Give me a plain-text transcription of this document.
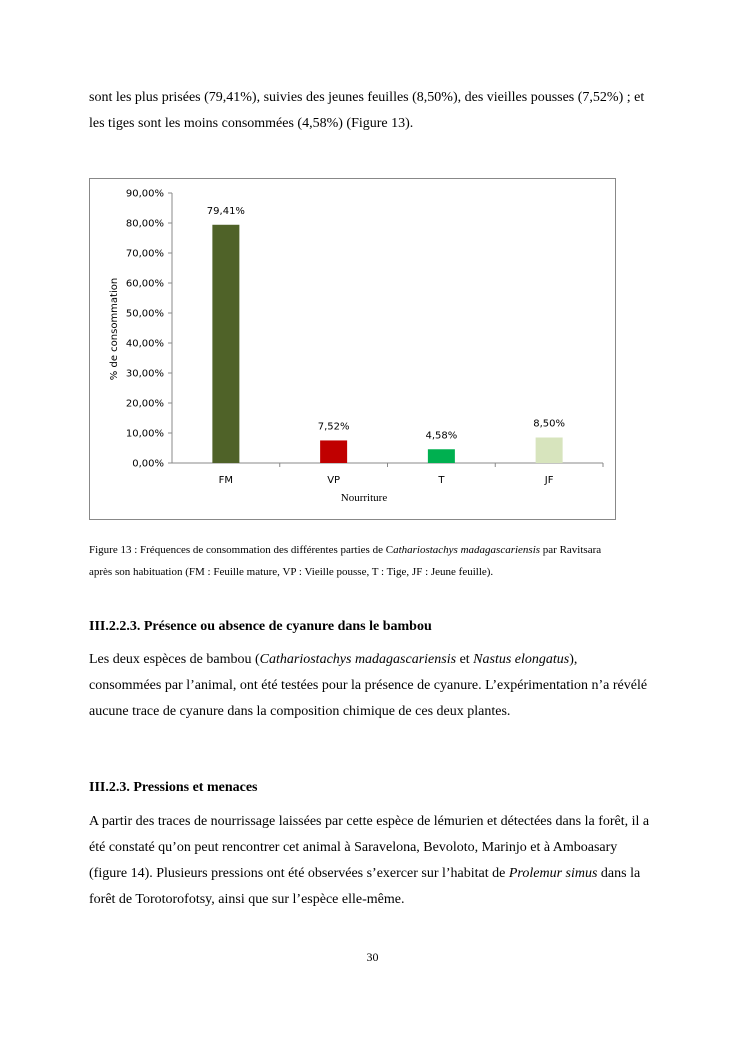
sont les plus prisées (79,41%), suivies des jeunes feuilles (8,50%), des vieilles pousses (7,52%) ; et

les tiges sont les moins consommées (4,58%) (Figure 13).

% de consommation
Nourriture
0,00%
10,00%
20,00%
30,00%
40,00%
50,00%
60,00%
70,00%
80,00%
90,00%
79,41%
FM
7,52%
VP
4,58%
T
8,50%
JF

Figure 13 : Fréquences de consommation des différentes parties de Cathariostachys madagascariensis par Ravitsara

après son habituation (FM : Feuille mature, VP : Vieille pousse, T : Tige, JF : Jeune feuille).

III.2.2.3. Présence ou absence de cyanure dans le bambou

Les deux espèces de bambou (Cathariostachys madagascariensis et Nastus elongatus),

consommées par l’animal, ont été testées pour la présence de cyanure. L’expérimentation n’a révélé

aucune trace de cyanure dans la composition chimique de ces deux plantes.

III.2.3. Pressions et menaces

A partir des traces de nourrissage laissées par cette espèce de lémurien et détectées dans la forêt, il a

été constaté qu’on peut rencontrer cet animal à Saravelona, Bevoloto, Marinjo et à Amboasary

(figure 14). Plusieurs pressions ont été observées s’exercer sur l’habitat de Prolemur simus dans la

forêt de Torotorofotsy, ainsi que sur l’espèce elle-même.

30
